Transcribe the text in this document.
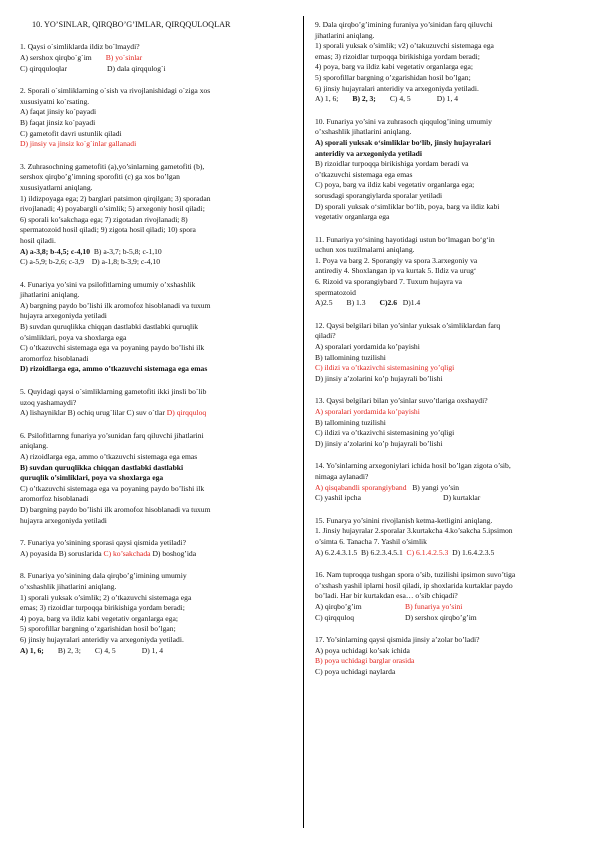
10. YO’SINLAR, QIRQBO’G’IMLAR, QIRQQULOQLAR
1. Qaysi o`simliklarda ildiz bo`lmaydi?
A) sershox qirqbo`g`im B) yo`sinlar
C) qirqquloqlar	D) dala qirqqulog`i
2. Sporali o`simliklarning o`sish va rivojlanishidagi o`ziga xos
xususiyatni ko`rsating.
A) faqat jinsiy ko`payadi
B) faqat jinsiz ko`payadi
C) gametofit davri ustunlik qiladi
D) jinsiy va jinsiz ko`g`inlar gallanadi
3. Zuhrasochning gametofiti (a),yo’sinlarning gametofiti (b),
sershox qirqbo’g’imning sporofiti (c) ga xos bo’lgan
xususiyatlarni aniqlang.
1) ildizpoyaga ega; 2) barglari patsimon qirqilgan; 3) sporadan
rivojlanadi; 4) poyabargli o’simlik; 5) arxegoniy hosil qiladi;
6) sporali ko’sakchaga ega; 7) zigotadan rivojlanadi; 8)
spermatozoid hosil qiladi; 9) zigota hosil qiladi; 10) spora
hosil qiladi.
A) a-3,8; b-4,5; c-4,10 B) a-3,7; b-5,8; c-1,10
C) a-5,9; b-2,6; c-3,9 D) a-1,8; b-3,9; c-4,10
4. Funariya yo’sini va psilofitlarning umumiy o’xshashlik
jihatlarini aniqlang.
A) bargning paydo bo’lishi ilk aromofoz hisoblanadi va tuxum
hujayra arxegoniyda yetiladi
B) suvdan quruqlikka chiqqan dastlabki dastlabki quruqlik
o’simliklari, poya va shoxlarga ega
C) o’tkazuvchi sistemaga ega va poyaning paydo bo’lishi ilk
aromorfoz hisoblanadi
D) rizoidlarga ega, ammo o’tkazuvchi sistemaga ega emas
5. Quyidagi qaysi o`simliklarning gametofiti ikki jinsli bo`lib
uzoq yashamaydi?
A) lishayniklar B) ochiq urug`lilar C) suv o`tlar D) qirqquloq
6. Psilofitlarnng funariya yo’sunidan farq qiluvchi jihatlarini
aniqlang.
A) rizoidlarga ega, ammo o’tkazuvchi sistemaga ega emas
B) suvdan quruqlikka chiqqan dastlabki dastlabki
quruqlik o’simliklari, poya va shoxlarga ega
C) o’tkazuvchi sistemaga ega va poyaning paydo bo’lishi ilk
aromorfoz hisoblanadi
D) bargning paydo bo’lishi ilk aromofoz hisoblanadi va tuxum
hujayra arxegoniyda yetiladi
7. Funariya yo’sinining sporasi qaysi qismida yetiladi?
A) poyasida B) soruslarida C) ko’sakchada D) boshog’ida
8. Funariya yo’sinining dala qirqbo’g’imining umumiy
o’xshashlik jihatlarini aniqlang.
1) sporali yuksak o’simlik; 2) o’tkazuvchi sistemaga ega
emas; 3) rizoidlar turpoqqa birikishiga yordam beradi;
4) poya, barg va ildiz kabi vegetativ organlarga ega;
5) sporofillar bargning o’zgarishidan hosil bo’lgan;
6) jinsiy hujayralari anteridiy va arxegoniyda yetiladi.
A) 1, 6; B) 2, 3; C) 4, 5	D) 1, 4
9. Dala qirqbo’g’imining furaniya yo’sinidan farq qiluvchi
jihatlarini aniqlang.
1) sporali yuksak o’simlik; v2) o’takuzuvchi sistemaga ega
emas; 3) rizoidlar turpoqqa birikishiga yordam beradi;
4) poya, barg va ildiz kabi vegetativ organlarga ega;
5) sporofillar bargning o’zgarishidan hosil bo’lgan;
6) jinsiy hujayralari anteridiy va arxegoniyda yetiladi.
A) 1, 6; B) 2, 3; C) 4, 5	D) 1, 4
10. Funariya yo’sini va zuhrasoch qiqqulog’ining umumiy
o’xshashlik jihatlarini aniqlang.
A) sporali yuksak o‘simliklar bo‘lib, jinsiy hujayralari
anteridiy va arxegoniyda yetiladi
B) rizoidlar turpoqqa birikishiga yordam beradi va
o’tkazuvchi sistemaga ega emas
C) poya, barg va ildiz kabi vegetativ organlarga ega;
sorusdagi sporangiylarda sporalar yetiladi
D) sporali yuksak o‘simliklar bo‘lib, poya, barg va ildiz kabi
vegetativ organlarga ega
11. Funariya yo‘sining hayotidagi ustun bo‘lmagan bo‘g‘in
uchun xos tuzilmalarni aniqlang.
1. Poya va barg 2. Sporangiy va spora 3.arxegoniy va
antirediy 4. Shoxlangan ip va kurtak 5. Ildiz va urug‘
6. Rizoid va sporangiybard 7. Tuxum hujayra va
spermatozoid
A)2.5 B) 1.3 C)2.6 D)1.4
12. Qaysi belgilari bilan yo’sinlar yuksak o’simliklardan farq
qiladi?
A) sporalari yordamida ko’payishi
B) tallomining tuzilishi
C) ildizi va o’tkazivchi sistemasining yo’qligi
D) jinsiy a’zolarini ko’p hujayrali bo’lishi
13. Qaysi belgilari bilan yo’sinlar suvo’tlariga oxshaydi?
A) sporalari yordamida ko’payishi
B) tallomining tuzilishi
C) ildizi va o’tkazivchi sistemasining yo’qligi
D) jinsiy a’zolarini ko’p hujayrali bo’lishi
14. Yo’sinlarning arxegoniylari ichida hosil bo’lgan zigota o’sib,
nimaga aylanadi?
A) qisqabandli sporangiyband B) yangi yo’sin
C) yashil ipcha	D) kurtaklar
15. Funarya yo’sinini rivojlanish ketma-ketligini aniqlang.
1. Jinsiy hujayralar 2.sporalar 3.kurtakcha 4.ko’sakcha 5.ipsimon
o’simta 6. Tanacha 7. Yashil o’simlik
A) 6.2.4.3.1.5 B) 6.2.3.4.5.1 C) 6.1.4.2.5.3 D) 1.6.4.2.3.5
16. Nam tuproqqa tushgan spora o’sib, tuzilishi ipsimon suvo’tiga
o’xshash yashil iplarni hosil qiladi, ip shoxlarida kurtaklar paydo
bo’ladi. Har bir kurtakdan esa… o’sib chiqadi?
A) qirqbo’g’im	B) funariya yo’sini
C) qirqquloq	D) sershox qirqbo’g’im
17. Yo’sinlarning qaysi qismida jinsiy a’zolar bo’ladi?
A) poya uchidagi ko’sak ichida
B) poya uchidagi barglar orasida
C) poya uchidagi naylarda
